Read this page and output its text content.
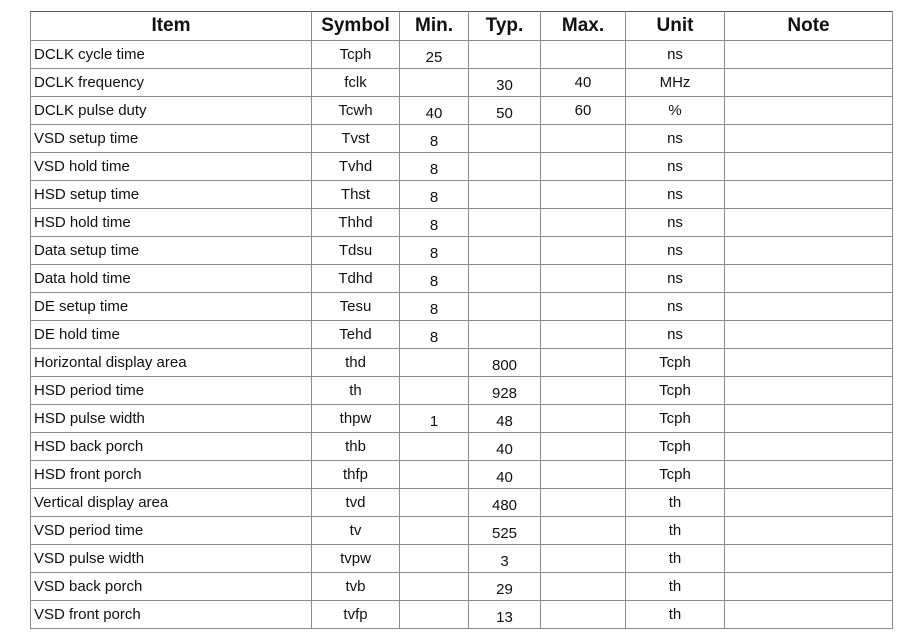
Item	Symbol	Min.	Typ.	Max.	Unit	Note
DCLK cycle time	Tcph	25			ns	
DCLK frequency	fclk		30	40	MHz	
DCLK pulse duty	Tcwh	40	50	60	%	
VSD setup time	Tvst	8			ns	
VSD hold time	Tvhd	8			ns	
HSD setup time	Thst	8			ns	
HSD hold time	Thhd	8			ns	
Data setup time	Tdsu	8			ns	
Data hold time	Tdhd	8			ns	
DE setup time	Tesu	8			ns	
DE hold time	Tehd	8			ns	
Horizontal display area	thd		800		Tcph	
HSD period time	th		928		Tcph	
HSD pulse width	thpw	1	48		Tcph	
HSD back porch	thb		40		Tcph	
HSD front porch	thfp		40		Tcph	
Vertical display area	tvd		480		th	
VSD period time	tv		525		th	
VSD pulse width	tvpw		3		th	
VSD back porch	tvb		29		th	
VSD front porch	tvfp		13		th	
